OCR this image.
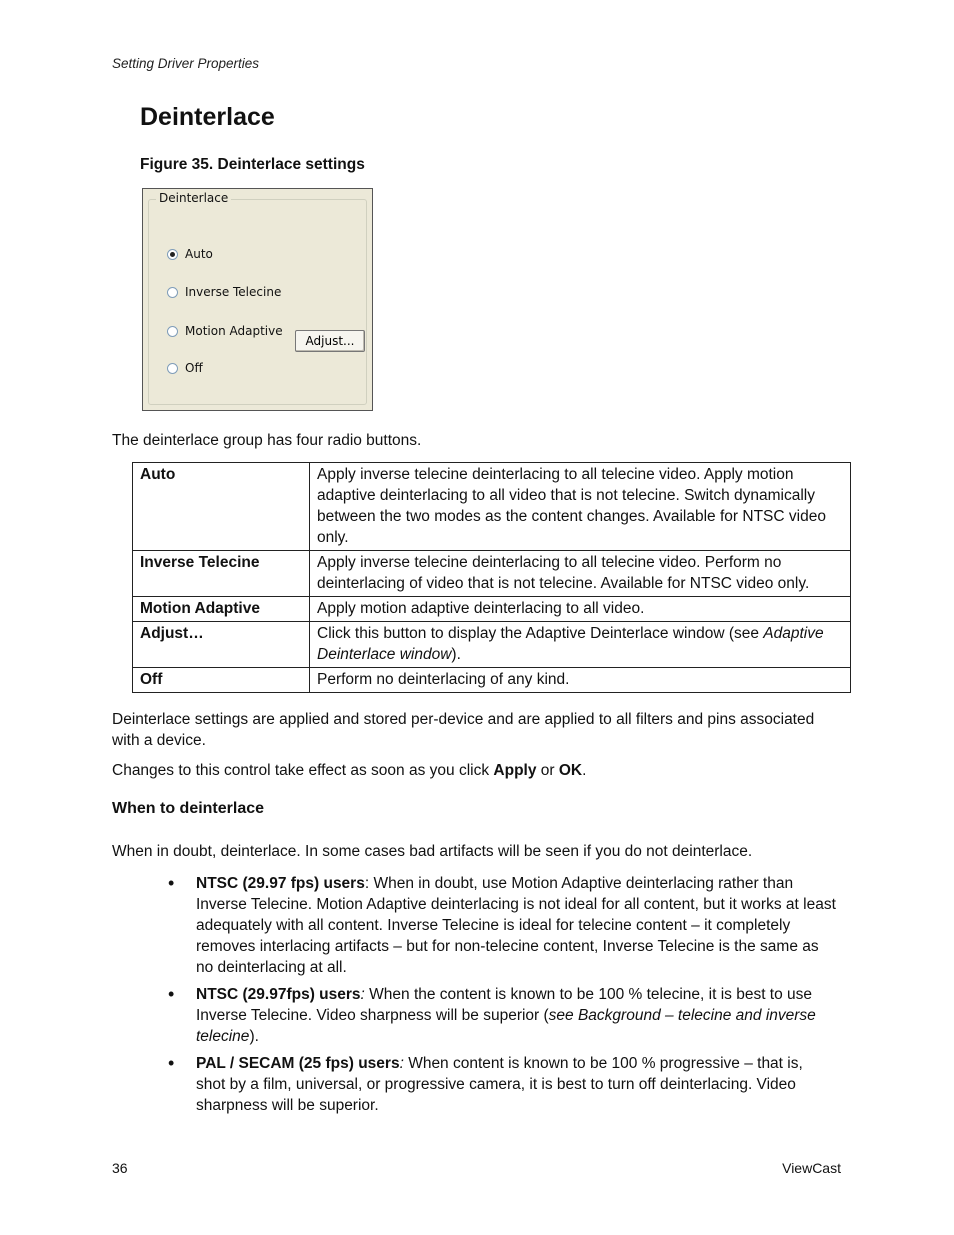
Setting Driver Properties
Deinterlace
Figure 35. Deinterlace settings
Deinterlace
Auto
Inverse Telecine
Motion Adaptive
Adjust...
Off

The deinterlace group has four radio buttons.

Auto	Apply inverse telecine deinterlacing to all telecine video. Apply motion adaptive deinterlacing to all video that is not telecine. Switch dynamically between the two modes as the content changes. Available for NTSC video only.
Inverse Telecine	Apply inverse telecine deinterlacing to all telecine video. Perform no deinterlacing of video that is not telecine. Available for NTSC video only.
Motion Adaptive	Apply motion adaptive deinterlacing to all video.
Adjust…	Click this button to display the Adaptive Deinterlace window (see Adaptive Deinterlace window).
Off	Perform no deinterlacing of any kind.

Deinterlace settings are applied and stored per-device and are applied to all filters and pins associated with a device.

Changes to this control take effect as soon as you click Apply or OK.

When to deinterlace

When in doubt, deinterlace. In some cases bad artifacts will be seen if you do not deinterlace.

• NTSC (29.97 fps) users: When in doubt, use Motion Adaptive deinterlacing rather than Inverse Telecine. Motion Adaptive deinterlacing is not ideal for all content, but it works at least adequately with all content. Inverse Telecine is ideal for telecine content – it completely removes interlacing artifacts – but for non-telecine content, Inverse Telecine is the same as no deinterlacing at all.
• NTSC (29.97fps) users: When the content is known to be 100 % telecine, it is best to use Inverse Telecine. Video sharpness will be superior (see Background – telecine and inverse telecine).
• PAL / SECAM (25 fps) users: When content is known to be 100 % progressive – that is, shot by a film, universal, or progressive camera, it is best to turn off deinterlacing. Video sharpness will be superior.
36	ViewCast
